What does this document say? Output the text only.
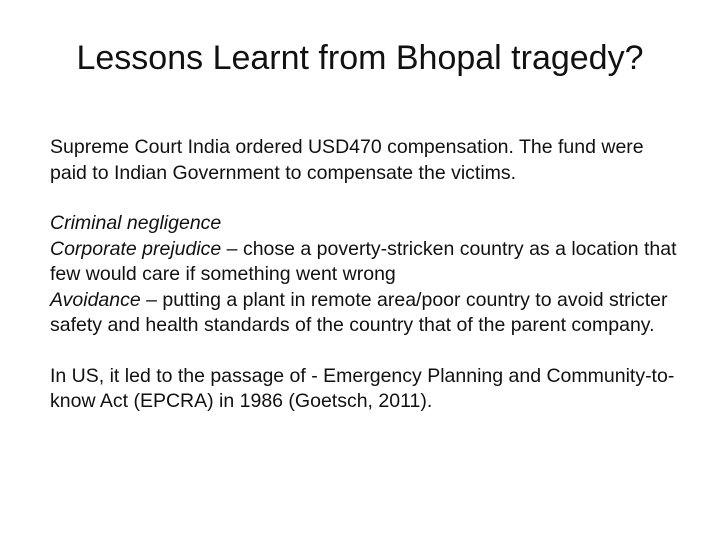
Lessons Learnt from Bhopal tragedy?

Supreme Court India ordered USD470 compensation. The fund were paid to Indian Government to compensate the victims.

Criminal negligence
Corporate prejudice – chose a poverty-stricken country as a location that few would care if something went wrong
Avoidance – putting a plant in remote area/poor country to avoid stricter safety and health standards of the country that of the parent company.

In US, it led to the passage of - Emergency Planning and Community-to-know Act (EPCRA) in 1986 (Goetsch, 2011).
